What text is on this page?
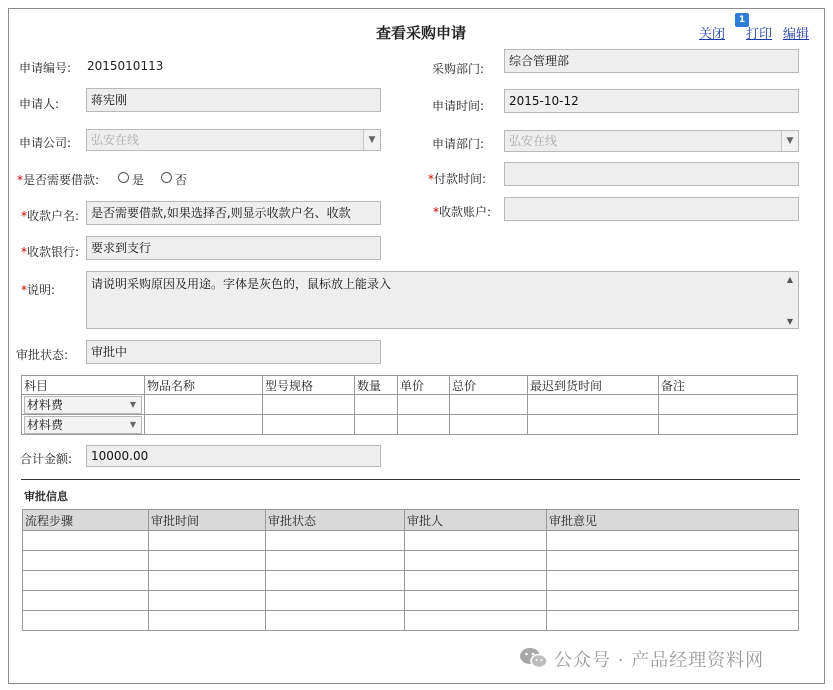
查看采购申请	关闭
1
打印 编辑
申请编号: 2015010113	采购部门:
综合管理部
申请人:	蒋宪刚	申请时间:	2015-10-12
申请公司: 弘安在线	▼	申请部门: 弘安在线	▼
*是否需要借款:	是	否	*付款时间:
*收款户名: 是否需要借款,如果选择否,则显示收款户名、收款	*收款账户:
*收款银行: 要求到支行
*说明:	请说明采购原因及用途。字体是灰色的，鼠标放上能录入	▲
▼
审批状态:	审批中
科目	物品名称	型号规格	数量	单价	总价	最迟到货时间	备注

材料费 ▼							

材料费 ▼							

合计金额:	10000.00
审批信息
流程步骤	审批时间	审批状态	审批人	审批意见

公众号 · 产品经理资料网
